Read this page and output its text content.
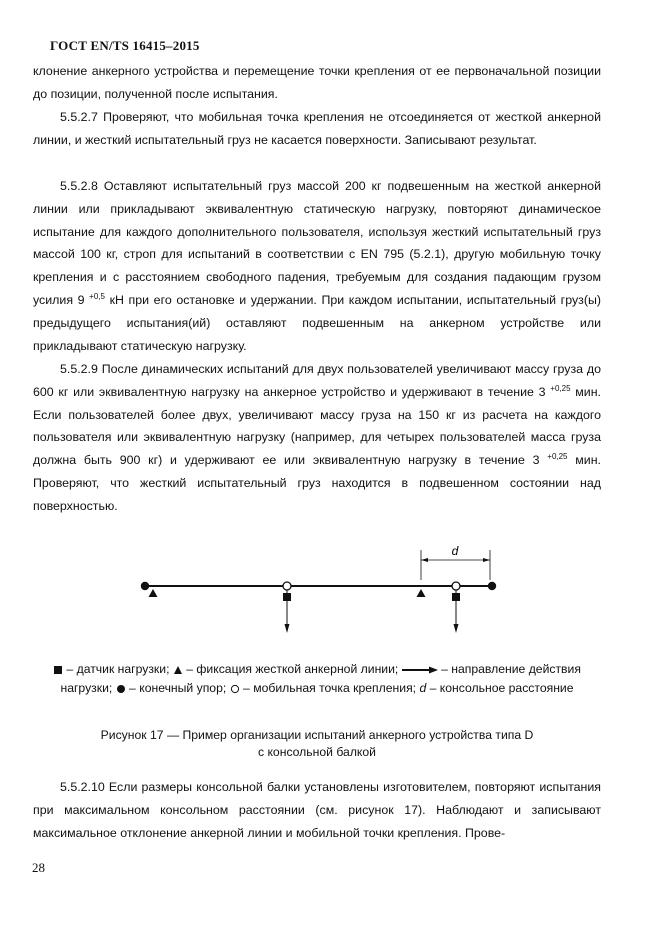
ГОСТ EN/TS 16415–2015

клонение анкерного устройства и перемещение точки крепления от ее первоначальной позиции до позиции, полученной после испытания.

5.5.2.7 Проверяют, что мобильная точка крепления не отсоединяется от жесткой анкерной линии, и жесткий испытательный груз не касается поверхности. Записывают результат.

5.5.2.8 Оставляют испытательный груз массой 200 кг подвешенным на жесткой анкерной линии или прикладывают эквивалентную статическую нагрузку, повторяют динамическое испытание для каждого дополнительного пользователя, используя жесткий испытательный груз массой 100 кг, строп для испытаний в соответствии с EN 795 (5.2.1), другую мобильную точку крепления и с расстоянием свободного падения, требуемым для создания падающим грузом усилия 9 $^{+0,5}$ кН при его остановке и удержании. При каждом испытании, испытательный груз(ы) предыдущего испытания(ий) оставляют подвешенным на анкерном устройстве или прикладывают статическую нагрузку.

5.5.2.9 После динамических испытаний для двух пользователей увеличивают массу груза до 600 кг или эквивалентную нагрузку на анкерное устройство и удерживают в течение 3 $^{+0,25}$ мин. Если пользователей более двух, увеличивают массу груза на 150 кг из расчета на каждого пользователя или эквивалентную нагрузку (например, для четырех пользователей масса груза должна быть 900 кг) и удерживают ее или эквивалентную нагрузку в течение 3 $^{+0,25}$ мин. Проверяют, что жесткий испытательный груз находится в подвешенном состоянии над поверхностью.

d

– датчик нагрузки;  – фиксация жесткой анкерной линии;	– направление действия нагрузки;  – конечный упор;  – мобильная точка крепления; d – консольное расстояние

Рисунок 17 — Пример организации испытаний анкерного устройства типа D
с консольной балкой

5.5.2.10 Если размеры консольной балки установлены изготовителем, повторяют испытания при максимальном консольном расстоянии (см. рисунок 17). Наблюдают и записывают максимальное отклонение анкерной линии и мобильной точки крепления. Прове-

28
